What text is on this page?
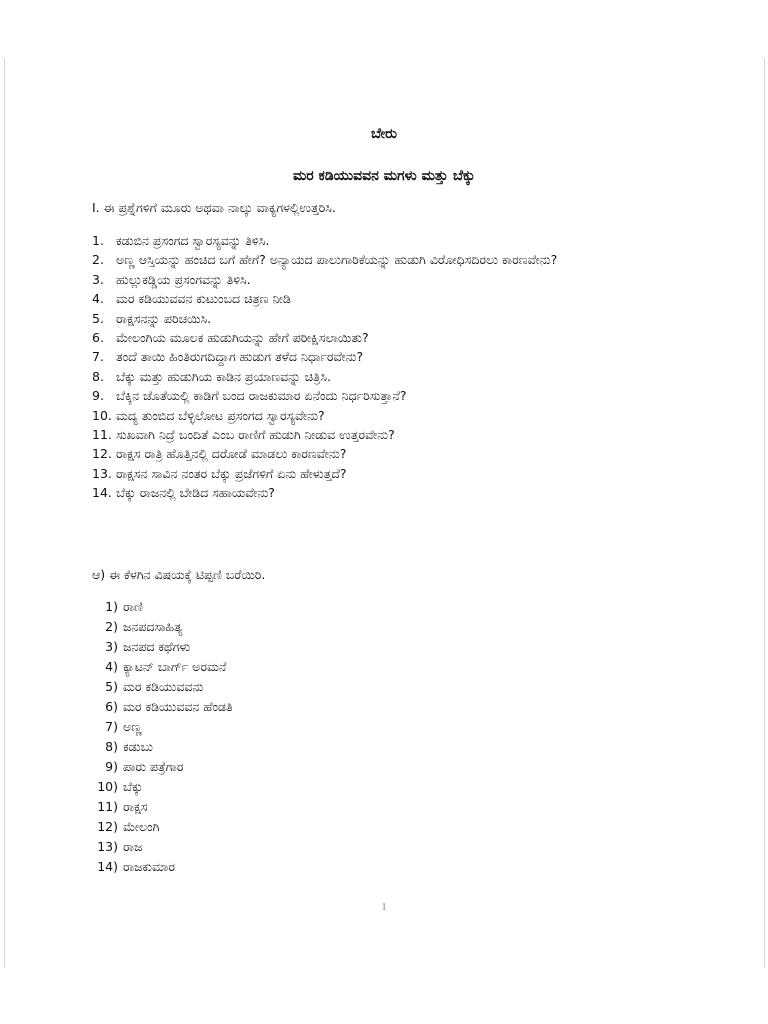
ಬೇರು
ಮರ ಕಡಿಯುವವನ ಮಗಳು ಮತ್ತು ಬೆಕ್ಕು
I. ಈ ಪ್ರಶ್ನೆಗಳಿಗೆ ಮೂರು ಅಥವಾ ನಾಲ್ಕು ವಾಕ್ಯಗಳಲ್ಲಿಉತ್ತರಿಸಿ.
1. ಕಡುಬಿನ ಪ್ರಸಂಗದ ಸ್ವಾರಸ್ಯವನ್ನು ತಿಳಿಸಿ.
2. ಅಣ್ಣ ಆಸ್ತಿಯನ್ನು ಹಂಚಿದ ಬಗೆ ಹೇಗೆ? ಅನ್ಯಾಯದ ಪಾಲುಗಾರಿಕೆಯನ್ನು ಹುಡುಗಿ ವಿರೋಧಿಸದಿರಲು ಕಾರಣವೇನು?
3. ಹುಲ್ಲುಕಡ್ಡಿಯ ಪ್ರಸಂಗವನ್ನು ತಿಳಿಸಿ.
4. ಮರ ಕಡಿಯುವವನ ಕುಟುಂಬದ ಚಿತ್ರಣ ನೀಡಿ
5. ರಾಕ್ಷಸನನ್ನು ಪರಿಚಯಿಸಿ.
6. ಮೇಲಂಗಿಯ ಮೂಲಕ ಹುಡುಗಿಯನ್ನು ಹೇಗೆ ಪರೀಕ್ಷಿಸಲಾಯಿತು?
7. ತಂದೆ ತಾಯಿ ಹಿಂತಿರುಗದಿದ್ದಾಗ ಹುಡುಗ ತಳೆದ ನಿರ್ಧಾರವೇನು?
8. ಬೆಕ್ಕು ಮತ್ತು ಹುಡುಗಿಯ ಕಾಡಿನ ಪ್ರಯಾಣವನ್ನು ಚಿತ್ರಿಸಿ.
9. ಬೆಕ್ಕಿನ ಜೊತೆಯಲ್ಲಿ ಕಾಡಿಗೆ ಬಂದ ರಾಜಕುಮಾರ ಏನೆಂದು ನಿರ್ಧರಿಸುತ್ತಾನೆ?
10. ಮದ್ಯ ತುಂಬಿದ ಬೆಳ್ಳಿಲೋಟ ಪ್ರಸಂಗದ ಸ್ವಾರಸ್ಯವೇನು?
11. ಸುಖವಾಗಿ ನಿದ್ರೆ ಬಂದಿತೆ ಎಂಬ ರಾಣಿಗೆ ಹುಡುಗಿ ನೀಡುವ ಉತ್ತರವೇನು?
12. ರಾಕ್ಷಸ ರಾತ್ರಿ ಹೊತ್ತಿನಲ್ಲಿ ದರೋಡೆ ಮಾಡಲು ಕಾರಣವೇನು?
13. ರಾಕ್ಷಸನ ಸಾವಿನ ನಂತರ ಬೆಕ್ಕು ಪ್ರಜೆಗಳಿಗೆ ಏನು ಹೇಳುತ್ತದೆ?
14. ಬೆಕ್ಕು ರಾಜನಲ್ಲಿ ಬೇಡಿದ ಸಹಾಯವೇನು?
ಆ) ಈ ಕೆಳಗಿನ ವಿಷಯಕ್ಕೆ ಟಿಪ್ಪಣಿ ಬರೆಯಿರಿ.
1) ರಾಣಿ
2) ಜನಪದಸಾಹಿತ್ಯ
3) ಜನಪದ ಕಥೆಗಳು
4) ಕ್ಯಾಟನ್ ಬಾರ್ಗ್ ಅರಮನೆ
5) ಮರ ಕಡಿಯುವವನು
6) ಮರ ಕಡಿಯುವವನ ಹೆಂಡತಿ
7) ಅಣ್ಣ
8) ಕಡುಬು
9) ಪಾರು ಪತ್ರೆಗಾರ
10) ಬೆಕ್ಕು
11) ರಾಕ್ಷಸ
12) ಮೇಲಂಗಿ
13) ರಾಜ
14) ರಾಜಕುಮಾರ
1
